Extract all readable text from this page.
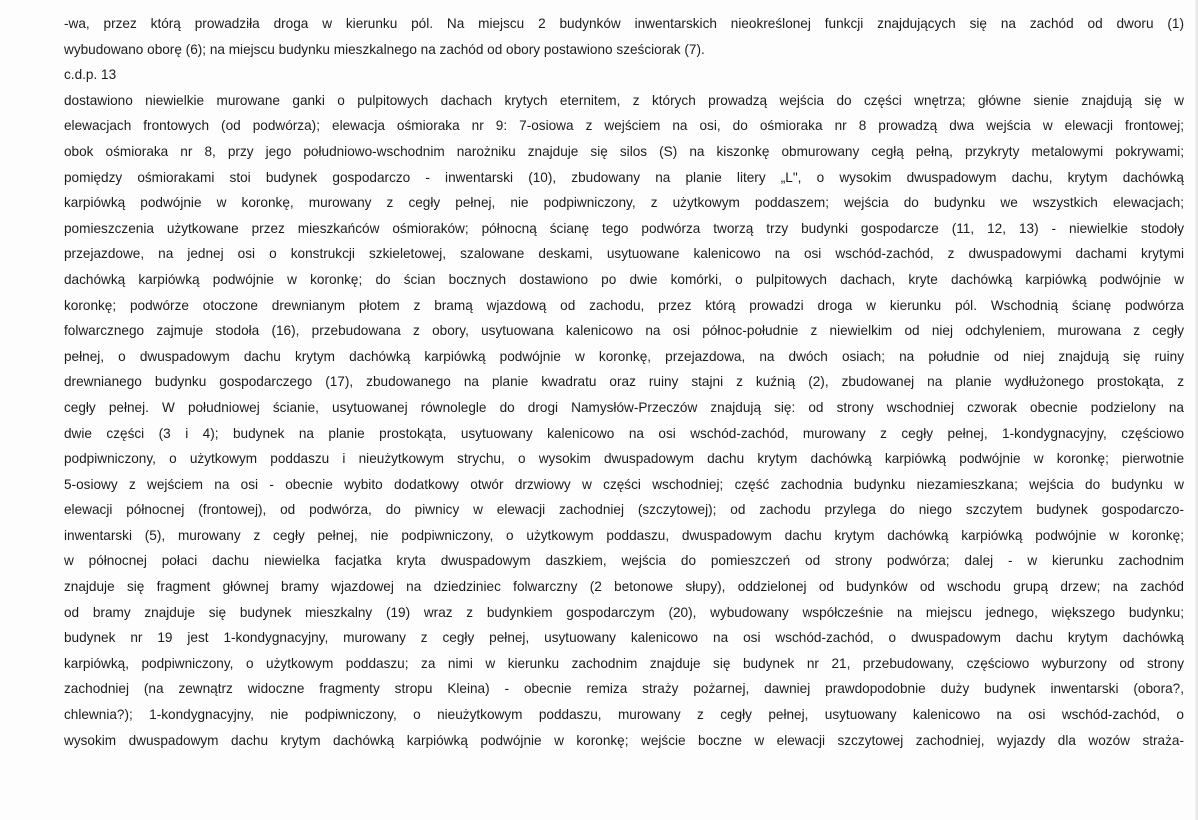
-wa, przez którą prowadziła droga w kierunku pól. Na miejscu 2 budynków inwentarskich nieokreślonej funkcji znajdujących się na zachód od dworu (1)
wybudowano oborę (6); na miejscu budynku mieszkalnego na zachód od obory postawiono sześciorak (7).
c.d.p. 13
dostawiono niewielkie murowane ganki o pulpitowych dachach krytych eternitem, z których prowadzą wejścia do części wnętrza; główne sienie znajdują się w
elewacjach frontowych (od podwórza); elewacja ośmioraka nr 9: 7-osiowa z wejściem na osi, do ośmioraka nr 8 prowadzą dwa wejścia w elewacji frontowej;
obok ośmioraka nr 8, przy jego południowo-wschodnim narożniku znajduje się silos (S) na kiszonkę obmurowany cegłą pełną, przykryty metalowymi pokrywami;
pomiędzy ośmiorakami stoi budynek gospodarczo - inwentarski (10), zbudowany na planie litery „L", o wysokim dwuspadowym dachu, krytym dachówką
karpiówką podwójnie w koronkę, murowany z cegły pełnej, nie podpiwniczony, z użytkowym poddaszem; wejścia do budynku we wszystkich elewacjach;
pomieszczenia użytkowane przez mieszkańców ośmioraków; północną ścianę tego podwórza tworzą trzy budynki gospodarcze (11, 12, 13) - niewielkie stodoły
przejazdowe, na jednej osi o konstrukcji szkieletowej, szalowane deskami, usytuowane kalenicowo na osi wschód-zachód, z dwuspadowymi dachami krytymi
dachówką karpiówką podwójnie w koronkę; do ścian bocznych dostawiono po dwie komórki, o pulpitowych dachach, kryte dachówką karpiówką podwójnie w
koronkę; podwórze otoczone drewnianym płotem z bramą wjazdową od zachodu, przez którą prowadzi droga w kierunku pól. Wschodnią ścianę podwórza
folwarcznego zajmuje stodoła (16), przebudowana z obory, usytuowana kalenicowo na osi północ-południe z niewielkim od niej odchyleniem, murowana z cegły
pełnej, o dwuspadowym dachu krytym dachówką karpiówką podwójnie w koronkę, przejazdowa, na dwóch osiach; na południe od niej znajdują się ruiny
drewnianego budynku gospodarczego (17), zbudowanego na planie kwadratu oraz ruiny stajni z kuźnią (2), zbudowanej na planie wydłużonego prostokąta, z
cegły pełnej. W południowej ścianie, usytuowanej równolegle do drogi Namysłów-Przeczów znajdują się: od strony wschodniej czworak obecnie podzielony na
dwie części (3 i 4); budynek na planie prostokąta, usytuowany kalenicowo na osi wschód-zachód, murowany z cegły pełnej, 1-kondygnacyjny, częściowo
podpiwniczony, o użytkowym poddaszu i nieużytkowym strychu, o wysokim dwuspadowym dachu krytym dachówką karpiówką podwójnie w koronkę; pierwotnie
5-osiowy z wejściem na osi - obecnie wybito dodatkowy otwór drzwiowy w części wschodniej; część zachodnia budynku niezamieszkana; wejścia do budynku w
elewacji północnej (frontowej), od podwórza, do piwnicy w elewacji zachodniej (szczytowej); od zachodu przylega do niego szczytem budynek gospodarczo-
inwentarski (5), murowany z cegły pełnej, nie podpiwniczony, o użytkowym poddaszu, dwuspadowym dachu krytym dachówką karpiówką podwójnie w koronkę;
w północnej połaci dachu niewielka facjatka kryta dwuspadowym daszkiem, wejścia do pomieszczeń od strony podwórza; dalej - w kierunku zachodnim
znajduje się fragment głównej bramy wjazdowej na dziedziniec folwarczny (2 betonowe słupy), oddzielonej od budynków od wschodu grupą drzew; na zachód
od bramy znajduje się budynek mieszkalny (19) wraz z budynkiem gospodarczym (20), wybudowany współcześnie na miejscu jednego, większego budynku;
budynek nr 19 jest 1-kondygnacyjny, murowany z cegły pełnej, usytuowany kalenicowo na osi wschód-zachód, o dwuspadowym dachu krytym dachówką
karpiówką, podpiwniczony, o użytkowym poddaszu; za nimi w kierunku zachodnim znajduje się budynek nr 21, przebudowany, częściowo wyburzony od strony
zachodniej (na zewnątrz widoczne fragmenty stropu Kleina) - obecnie remiza straży pożarnej, dawniej prawdopodobnie duży budynek inwentarski (obora?,
chlewnia?); 1-kondygnacyjny, nie podpiwniczony, o nieużytkowym poddaszu, murowany z cegły pełnej, usytuowany kalenicowo na osi wschód-zachód, o
wysokim dwuspadowym dachu krytym dachówką karpiówką podwójnie w koronkę; wejście boczne w elewacji szczytowej zachodniej, wyjazdy dla wozów straża-
